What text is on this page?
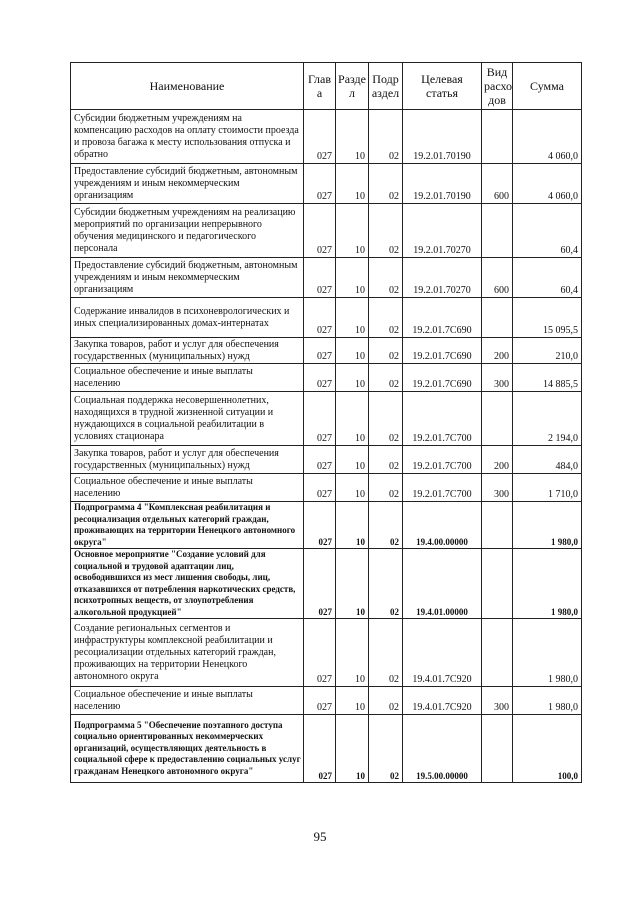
Наименование	Глав а	Разде л	Подр аздел	Целевая статья	Вид расхо дов	Сумма
Субсидии бюджетным учреждениям на компенсацию расходов на оплату стоимости проезда и провоза багажа к месту использования отпуска и обратно	027	10	02	19.2.01.70190		4 060,0
Предоставление субсидий бюджетным, автономным учреждениям и иным некоммерческим организациям	027	10	02	19.2.01.70190	600	4 060,0
Субсидии бюджетным учреждениям на реализацию мероприятий по организации непрерывного обучения медицинского и педагогического персонала	027	10	02	19.2.01.70270		60,4
Предоставление субсидий бюджетным, автономным учреждениям и иным некоммерческим организациям	027	10	02	19.2.01.70270	600	60,4
Содержание инвалидов в психоневрологических и иных специализированных домах-интернатах	027	10	02	19.2.01.7С690		15 095,5
Закупка товаров, работ и услуг для обеспечения государственных (муниципальных) нужд	027	10	02	19.2.01.7С690	200	210,0
Социальное обеспечение и иные выплаты населению	027	10	02	19.2.01.7С690	300	14 885,5
Социальная поддержка несовершеннолетних, находящихся в трудной жизненной ситуации и нуждающихся в социальной реабилитации в условиях стационара	027	10	02	19.2.01.7С700		2 194,0
Закупка товаров, работ и услуг для обеспечения государственных (муниципальных) нужд	027	10	02	19.2.01.7С700	200	484,0
Социальное обеспечение и иные выплаты населению	027	10	02	19.2.01.7С700	300	1 710,0
Подпрограмма 4 "Комплексная реабилитация и ресоциализация отдельных категорий граждан, проживающих на территории Ненецкого автономного округа"	027	10	02	19.4.00.00000		1 980,0
Основное мероприятие "Создание условий для социальной и трудовой адаптации лиц, освободившихся из мест лишения свободы, лиц, отказавшихся от потребления наркотических средств, психотропных веществ, от злоупотребления алкогольной продукцией"	027	10	02	19.4.01.00000		1 980,0
Создание региональных сегментов и инфраструктуры комплексной реабилитации и ресоциализации отдельных категорий граждан, проживающих на территории Ненецкого автономного округа	027	10	02	19.4.01.7С920		1 980,0
Социальное обеспечение и иные выплаты населению	027	10	02	19.4.01.7С920	300	1 980,0
Подпрограмма 5 "Обеспечение поэтапного доступа социально ориентированных некоммерческих организаций, осуществляющих деятельность в социальной сфере к предоставлению социальных услуг гражданам Ненецкого автономного округа"	027	10	02	19.5.00.00000		100,0
95
